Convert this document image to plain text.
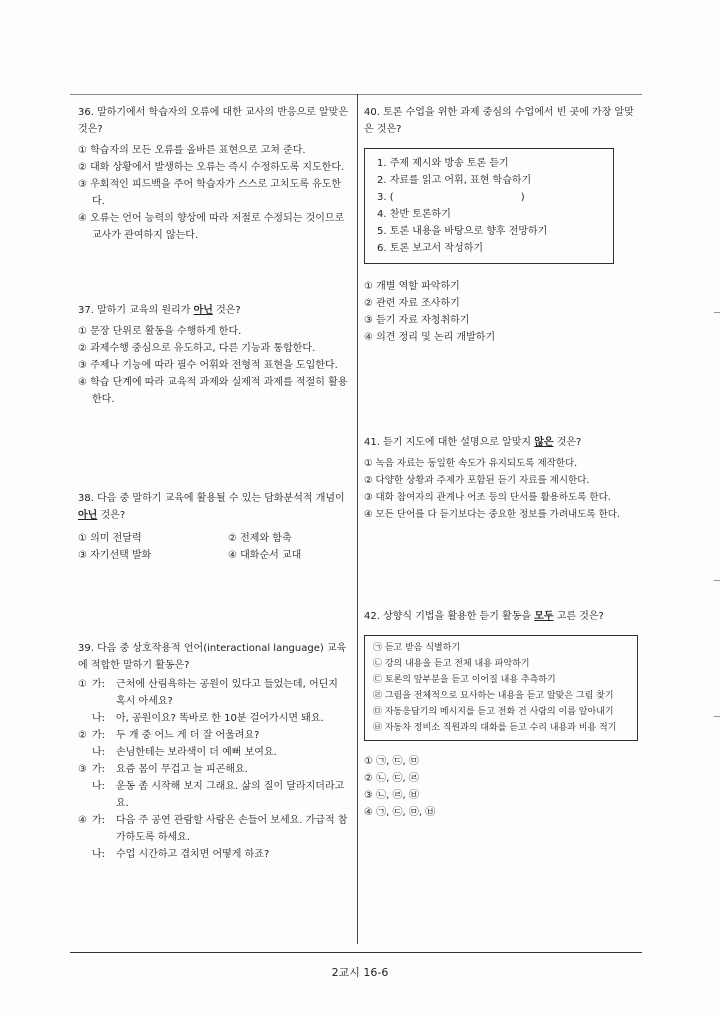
36. 말하기에서 학습자의 오류에 대한 교사의 반응으로 알맞은 것은?

① 학습자의 모든 오류를 올바른 표현으로 고쳐 준다.

② 대화 상황에서 발생하는 오류는 즉시 수정하도록 지도한다.

③ 우회적인 피드백을 주어 학습자가 스스로 고치도록 유도한다.

④ 오류는 언어 능력의 향상에 따라 저절로 수정되는 것이므로 교사가 관여하지 않는다.

37. 말하기 교육의 원리가 아닌 것은?

① 문장 단위로 활동을 수행하게 한다.

② 과제수행 중심으로 유도하고, 다른 기능과 통합한다.

③ 주제나 기능에 따라 필수 어휘와 전형적 표현을 도입한다.

④ 학습 단계에 따라 교육적 과제와 실제적 과제를 적절히 활용한다.

38. 다음 중 말하기 교육에 활용될 수 있는 담화분석적 개념이 아닌 것은?

① 의미 전달력	② 전제와 함축
③ 자기선택 발화	④ 대화순서 교대

39. 다음 중 상호작용적 언어(interactional language) 교육에 적합한 말하기 활동은?

① 가: 근처에 산림욕하는 공원이 있다고 들었는데, 어딘지 혹시 아세요?

나: 아, 공원이요? 똑바로 한 10분 걸어가시면 돼요.

② 가: 두 개 중 어느 게 더 잘 어울려요?

나: 손님한테는 보라색이 더 예뻐 보여요.

③ 가: 요즘 몸이 무겁고 늘 피곤해요.

나: 운동 좀 시작해 보지 그래요. 삶의 질이 달라지더라고요.

④ 가: 다음 주 공연 관람할 사람은 손들어 보세요. 가급적 참가하도록 하세요.

나: 수업 시간하고 겹치면 어떻게 하죠?

40. 토론 수업을 위한 과제 중심의 수업에서 빈 곳에 가장 알맞은 것은?

1. 주제 제시와 방송 토론 듣기
2. 자료를 읽고 어휘, 표현 학습하기
3. (                                        )
4. 찬반 토론하기
5. 토론 내용을 바탕으로 향후 전망하기
6. 토론 보고서 작성하기

① 개별 역할 파악하기

② 관련 자료 조사하기

③ 듣기 자료 자청취하기

④ 의견 정리 및 논리 개발하기

41. 듣기 지도에 대한 설명으로 알맞지 않은 것은?

① 녹음 자료는 동일한 속도가 유지되도록 제작한다.

② 다양한 상황과 주제가 포함된 듣기 자료를 제시한다.

③ 대화 참여자의 관계나 어조 등의 단서를 활용하도록 한다.

④ 모든 단어를 다 듣기보다는 중요한 정보를 가려내도록 한다.

42. 상향식 기법을 활용한 듣기 활동을 모두 고른 것은?

㉠ 듣고 받음 식별하기
㉡ 강의 내용을 듣고 전체 내용 파악하기
㉢ 토론의 앞부분을 듣고 이어질 내용 추측하기
㉣ 그림을 전체적으로 묘사하는 내용을 듣고 알맞은 그림 찾기
㉤ 자동응답기의 메시지를 듣고 전화 건 사람의 이름 알아내기
㉥ 자동차 정비소 직원과의 대화를 듣고 수리 내용과 비용 적기

① ㉠, ㉢, ㉤

② ㉡, ㉢, ㉣

③ ㉡, ㉣, ㉥

④ ㉠, ㉢, ㉤, ㉥

2교시 16-6
